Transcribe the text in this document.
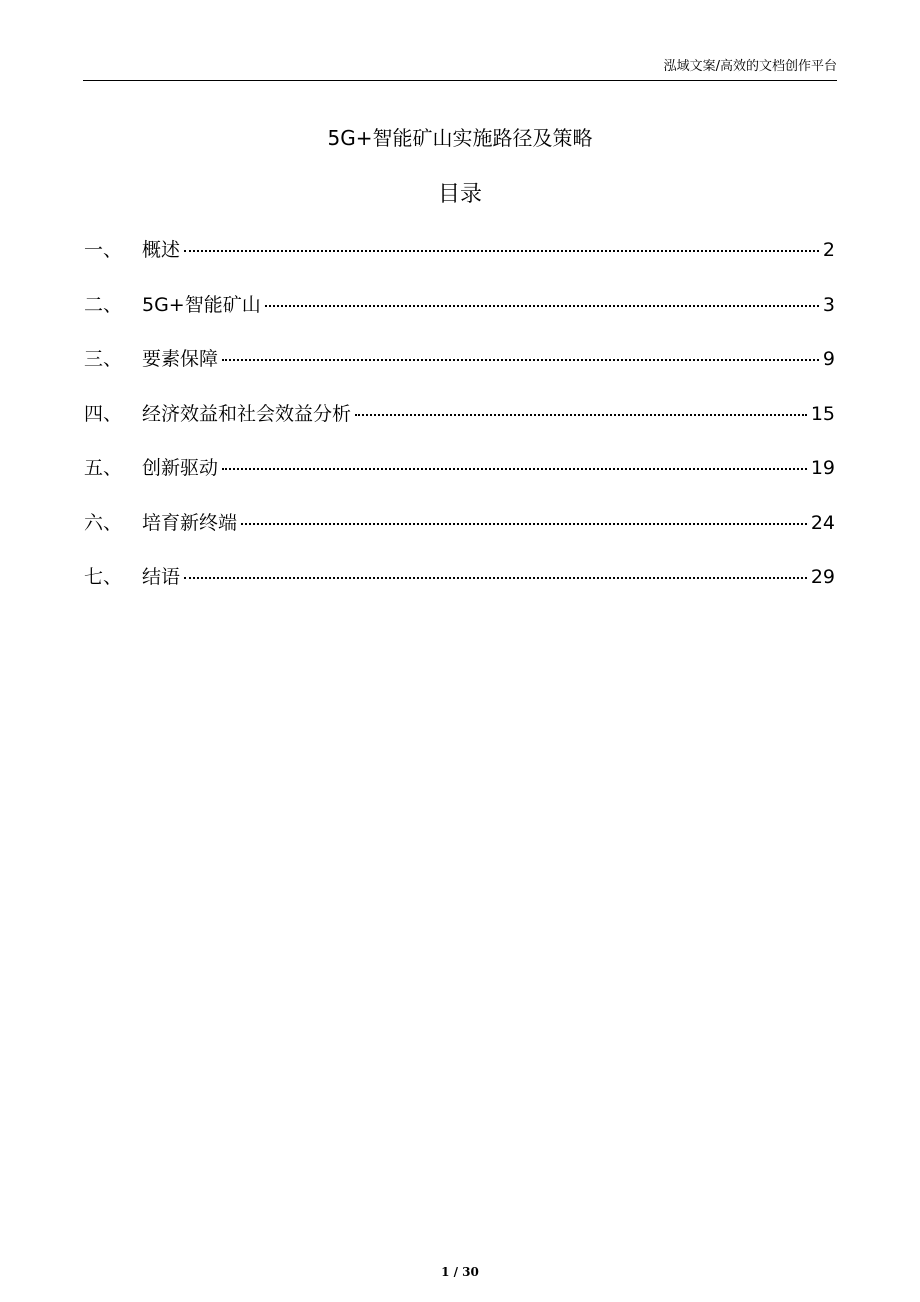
泓域文案/高效的文档创作平台
5G+智能矿山实施路径及策略
目录
一、	概述	2
二、	5G+智能矿山	3
三、	要素保障	9
四、	经济效益和社会效益分析	15
五、	创新驱动	19
六、	培育新终端	24
七、	结语	29
1 / 30
